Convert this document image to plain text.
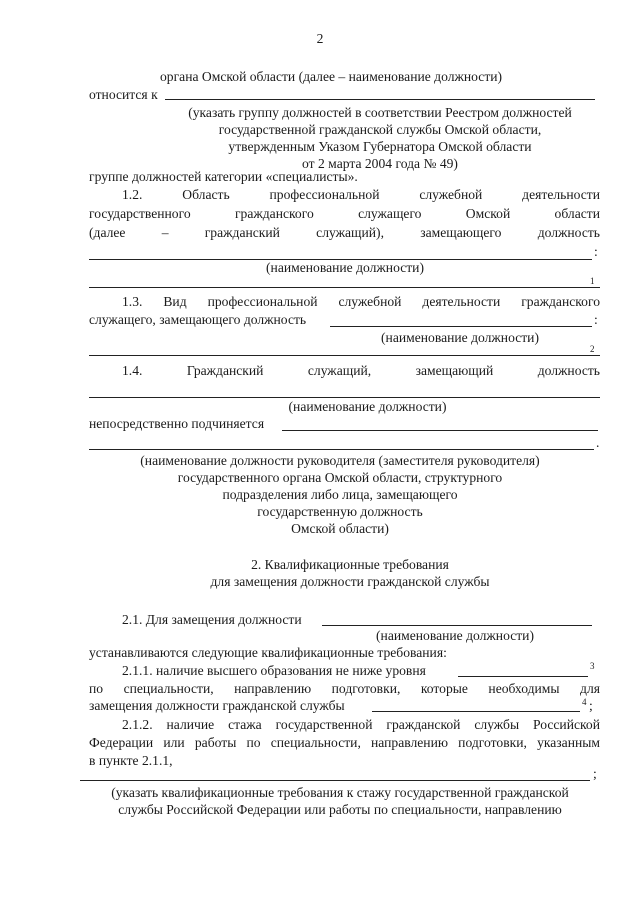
2
органа Омской области (далее – наименование должности)
относится к
(указать группу должностей в соответствии Реестром должностей
государственной гражданской службы Омской области,
утвержденным Указом Губернатора Омской области
от 2 марта 2004 года № 49)
группе должностей категории «специалисты».
1.2. Область профессиональной служебной деятельности
государственного гражданского служащего Омской области
(далее – гражданский служащий), замещающего должность
:
(наименование должности)
1
1.3. Вид профессиональной служебной деятельности гражданского
служащего, замещающего должность	:
(наименование должности)
2
1.4. Гражданский служащий, замещающий должность
(наименование должности)
непосредственно подчиняется
.
(наименование должности руководителя (заместителя руководителя)
государственного органа Омской области, структурного
подразделения либо лица, замещающего
государственную должность
Омской области)
2. Квалификационные требования
для замещения должности гражданской службы
2.1. Для замещения должности
(наименование должности)
устанавливаются следующие квалификационные требования:
2.1.1. наличие высшего образования не ниже уровня	3
по специальности, направлению подготовки, которые необходимы для
замещения должности гражданской службы	4 ;
2.1.2. наличие стажа государственной гражданской службы Российской
Федерации или работы по специальности, направлению подготовки, указанным
в пункте 2.1.1,
;
(указать квалификационные требования к стажу государственной гражданской
службы Российской Федерации или работы по специальности, направлению
